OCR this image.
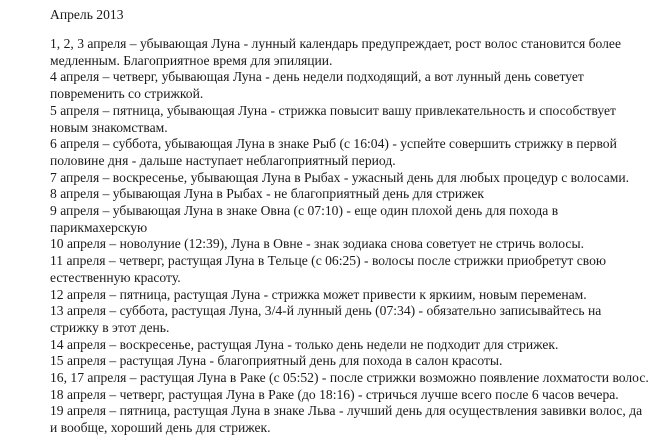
Апрель 2013

1, 2, 3 апреля – убывающая Луна - лунный календарь предупреждает, рост волос становится более медленным. Благоприятное время для эпиляции.

4 апреля – четверг, убывающая Луна - день недели подходящий, а вот лунный день советует повременить со стрижкой.

5 апреля – пятница, убывающая Луна - стрижка повысит вашу привлекательность и способствует новым знакомствам.

6 апреля – суббота, убывающая Луна в знаке Рыб (с 16:04) - успейте совершить стрижку в первой половине дня - дальше наступает неблагоприятный период.

7 апреля – воскресенье, убывающая Луна в Рыбах - ужасный день для любых процедур с волосами.

8 апреля – убывающая Луна в Рыбах - не благоприятный день для стрижек

9 апреля – убывающая Луна в знаке Овна (с 07:10) - еще один плохой день для похода в парикмахерскую

10 апреля – новолуние (12:39), Луна в Овне - знак зодиака снова советует не стричь волосы.

11 апреля – четверг, растущая Луна в Тельце (с 06:25) - волосы после стрижки приобретут свою естественную красоту.

12 апреля – пятница, растущая Луна - стрижка может привести к яркиим, новым переменам.

13 апреля – суббота, растущая Луна, 3/4-й лунный день (07:34) - обязательно записывайтесь на стрижку в этот день.

14 апреля – воскресенье, растущая Луна - только день недели не подходит для стрижек.

15 апреля – растущая Луна - благоприятный день для похода в салон красоты.

16, 17 апреля – растущая Луна в Раке (с 05:52) - после стрижки возможно появление лохматости волос.

18 апреля – четверг, растущая Луна в Раке (до 18:16) - стричься лучше всего после 6 часов вечера.

19 апреля – пятница, растущая Луна в знаке Льва - лучший день для осуществления завивки волос, да и вообще, хороший день для стрижек.
